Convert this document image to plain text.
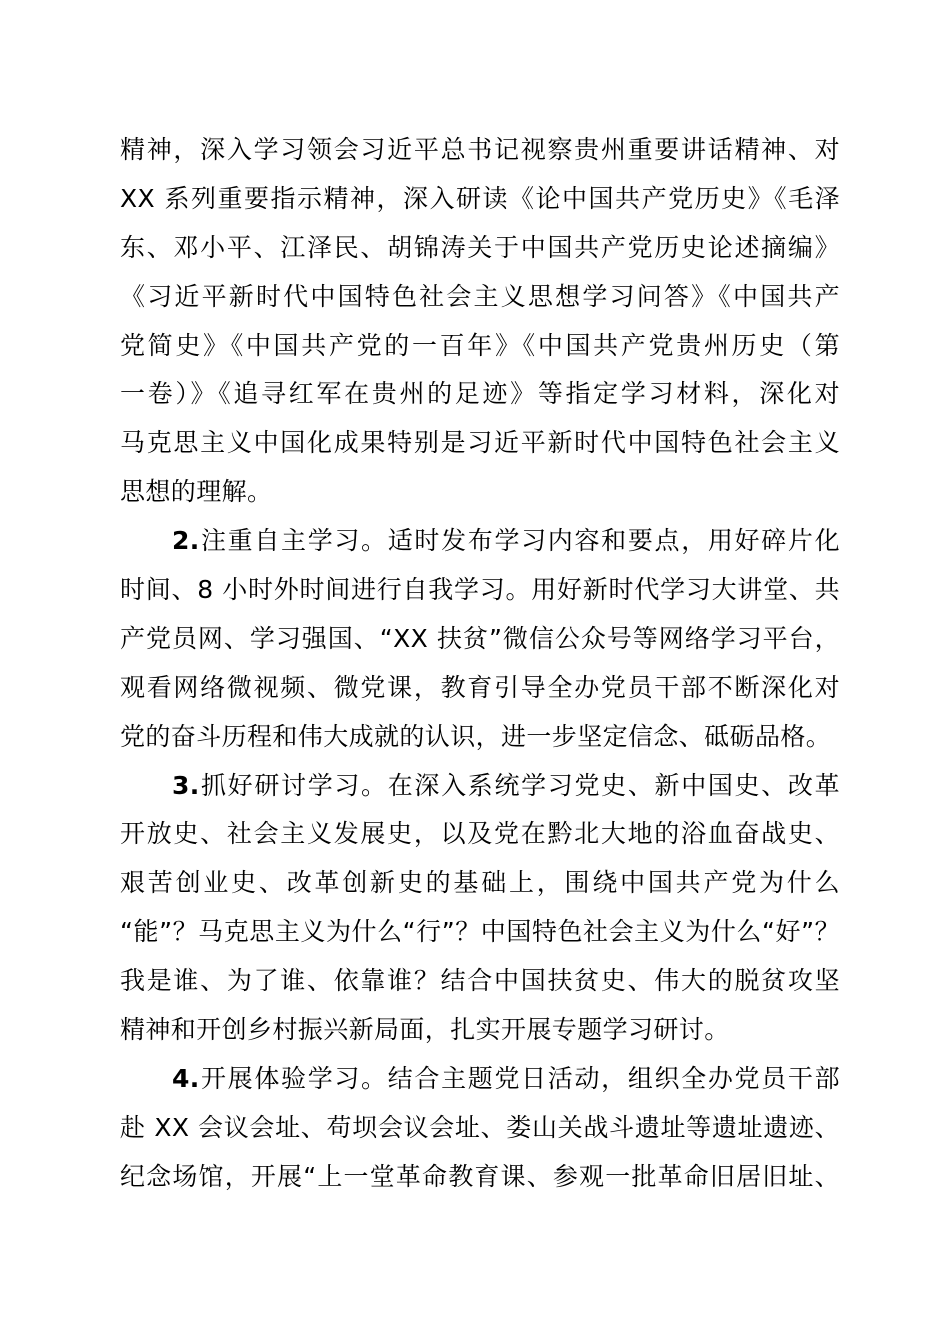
精神，深入学习领会习近平总书记视察贵州重要讲话精神、对
XX 系列重要指示精神，深入研读《论中国共产党历史》《毛泽
东、邓小平、江泽民、胡锦涛关于中国共产党历史论述摘编》
《习近平新时代中国特色社会主义思想学习问答》《中国共产
党简史》《中国共产党的一百年》《中国共产党贵州历史（第
一卷）》《追寻红军在贵州的足迹》等指定学习材料，深化对
马克思主义中国化成果特别是习近平新时代中国特色社会主义
思想的理解。
2.注重自主学习。适时发布学习内容和要点，用好碎片化
时间、8 小时外时间进行自我学习。用好新时代学习大讲堂、共
产党员网、学习强国、“XX 扶贫”微信公众号等网络学习平台，
观看网络微视频、微党课，教育引导全办党员干部不断深化对
党的奋斗历程和伟大成就的认识，进一步坚定信念、砥砺品格。
3.抓好研讨学习。在深入系统学习党史、新中国史、改革
开放史、社会主义发展史，以及党在黔北大地的浴血奋战史、
艰苦创业史、改革创新史的基础上，围绕中国共产党为什么
“能”？马克思主义为什么“行”？中国特色社会主义为什么“好”？
我是谁、为了谁、依靠谁？结合中国扶贫史、伟大的脱贫攻坚
精神和开创乡村振兴新局面，扎实开展专题学习研讨。
4.开展体验学习。结合主题党日活动，组织全办党员干部
赴 XX 会议会址、苟坝会议会址、娄山关战斗遗址等遗址遗迹、
纪念场馆，开展“上一堂革命教育课、参观一批革命旧居旧址、
